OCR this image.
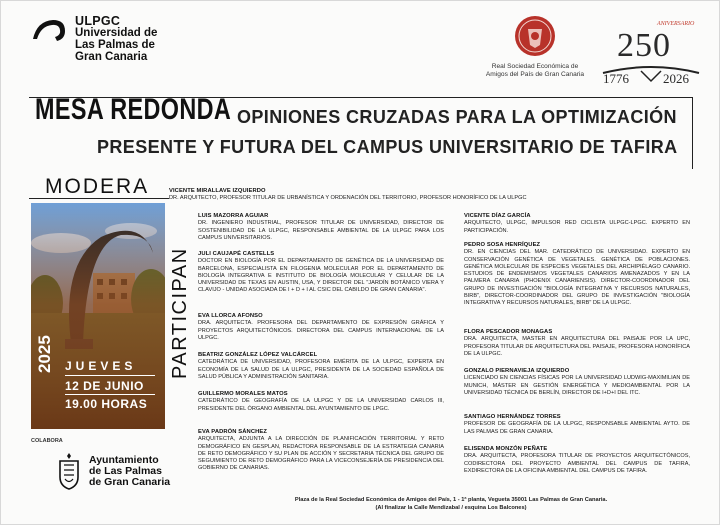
ULPGC
Universidad de
Las Palmas de
Gran Canaria
Real Sociedad Económica de
Amigos del País de Gran Canaria
ANIVERSARIO
250
1776	2026
MESA REDONDA OPINIONES CRUZADAS PARA LA OPTIMIZACIÓN
PRESENTE Y FUTURA DEL CAMPUS UNIVERSITARIO DE TAFIRA
MODERA	VICENTE MIRALLAVE IZQUIERDO
DR. ARQUITECTO, PROFESOR TITULAR DE URBANÍSTICA Y ORDENACIÓN DEL TERRITORIO, PROFESOR HONORÍFICO DE LA ULPGC
2025 JUEVES
12 DE JUNIO
19.00 HORAS
PARTICIPAN
LUIS MAZORRA AGUIAR
DR. INGENIERO INDUSTRIAL, PROFESOR TITULAR DE UNIVERSIDAD, DIRECTOR DE SOSTENIBILIDAD DE LA ULPGC, RESPONSABLE AMBIENTAL DE LA ULPGC PARA LOS CAMPUS UNIVERSITARIOS.
JULI CAUJAPÉ CASTELLS
DOCTOR EN BIOLOGÍA POR EL DEPARTAMENTO DE GENÉTICA DE LA UNIVERSIDAD DE BARCELONA, ESPECIALISTA EN FILOGENIA MOLECULAR POR EL DEPARTAMENTO DE BIOLOGÍA INTEGRATIVA E INSTITUTO DE BIOLOGÍA MOLECULAR Y CELULAR DE LA UNIVERSIDAD DE TEXAS EN AUSTIN, USA, Y DIRECTOR DEL "JARDÍN BOTÁNICO VIERA Y CLAVIJO - UNIDAD ASOCIADA DE I + D + I AL CSIC DEL CABILDO DE GRAN CANARIA".
EVA LLORCA AFONSO
DRA. ARQUITECTA. PROFESORA DEL DEPARTAMENTO DE EXPRESIÓN GRÁFICA Y PROYECTOS ARQUITECTÓNICOS. DIRECTORA DEL CAMPUS INTERNACIONAL DE LA ULPGC.
BEATRIZ GONZÁLEZ LÓPEZ VALCÁRCEL
CATEDRÁTICA DE UNIVERSIDAD, PROFESORA EMÉRITA DE LA ULPGC, EXPERTA EN ECONOMÍA DE LA SALUD DE LA ULPGC, PRESIDENTA DE LA SOCIEDAD ESPAÑOLA DE SALUD PÚBLICA Y ADMINISTRACIÓN SANITARIA.
GUILLERMO MORALES MATOS
CATEDRÁTICO DE GEOGRAFÍA DE LA ULPGC Y DE LA UNIVERSIDAD CARLOS III, PRESIDENTE DEL ÓRGANO AMBIENTAL DEL AYUNTAMIENTO DE LPGC.
EVA PADRÓN SÁNCHEZ
ARQUITECTA, ADJUNTA A LA DIRECCIÓN DE PLANIFICACIÓN TERRITORIAL Y RETO DEMOGRÁFICO EN GESPLAN, REDACTORA RESPONSABLE DE LA ESTRATEGIA CANARIA DE RETO DEMOGRÁFICO Y SU PLAN DE ACCIÓN Y SECRETARIA TÉCNICA DEL GRUPO DE SEGUIMIENTO DE RETO DEMOGRÁFICO PARA LA VICECONSEJERÍA DE PRESIDENCIA DEL GOBIERNO DE CANARIAS.
VICENTE DÍAZ GARCÍA
ARQUITECTO, ULPGC, IMPULSOR RED CICLISTA ULPGC-LPGC. EXPERTO EN PARTICIPACIÓN.
PEDRO SOSA HENRÍQUEZ
DR. EN CIENCIAS DEL MAR. CATEDRÁTICO DE UNIVERSIDAD. EXPERTO EN CONSERVACIÓN GENÉTICA DE VEGETALES. GENÉTICA DE POBLACIONES. GENÉTICA MOLECULAR DE ESPECIES VEGETALES DEL ARCHIPIÉLAGO CANARIO. ESTUDIOS DE ENDEMISMOS VEGETALES CANARIOS AMENAZADOS Y EN LA PALMERA CANARIA (PHOENIX CANARIENSIS). DIRECTOR-COORDINADOR DEL GRUPO DE INVESTIGACIÓN "BIOLOGÍA INTEGRATIVA Y RECURSOS NATURALES, BIRB", DIRECTOR-COORDINADOR DEL GRUPO DE INVESTIGACIÓN "BIOLOGÍA INTEGRATIVA Y RECURSOS NATURALES, BIRB" DE LA ULPGC.
FLORA PESCADOR MONAGAS
DRA. ARQUITECTA, MASTER EN ARQUITECTURA DEL PAISAJE POR LA UPC, PROFESORA TITULAR DE ARQUITECTURA DEL PAISAJE, PROFESORA HONORÍFICA DE LA ULPGC.
GONZALO PIERNAVIEJA IZQUIERDO
LICENCIADO EN CIENCIAS FÍSICAS POR LA UNIVERSIDAD LUDWIG-MAXIMILIAN DE MUNICH, MÁSTER EN GESTIÓN ENERGÉTICA Y MEDIOAMBIENTAL POR LA UNIVERSIDAD TÉCNICA DE BERLÍN, DIRECTOR DE I+D+I DEL ITC.
SANTIAGO HERNÁNDEZ TORRES
PROFESOR DE GEOGRAFÍA DE LA ULPGC, RESPONSABLE AMBIENTAL AYTO. DE LAS PALMAS DE GRAN CANARIA.
ELISENDA MONZÓN PEÑATE
DRA. ARQUITECTA, PROFESORA TITULAR DE PROYECTOS ARQUITECTÓNICOS, CODIRECTORA DEL PROYECTO AMBIENTAL DEL CAMPUS DE TAFIRA, EXDIRECTORA DE LA OFICINA AMBIENTAL DEL CAMPUS DE TAFIRA.
COLABORA
Ayuntamiento
de Las Palmas
de Gran Canaria
Plaza de la Real Sociedad Económica de Amigos del País, 1 - 1ª planta, Vegueta 35001 Las Palmas de Gran Canaria.
(Al finalizar la Calle Mendizabal / esquina Los Balcones)
